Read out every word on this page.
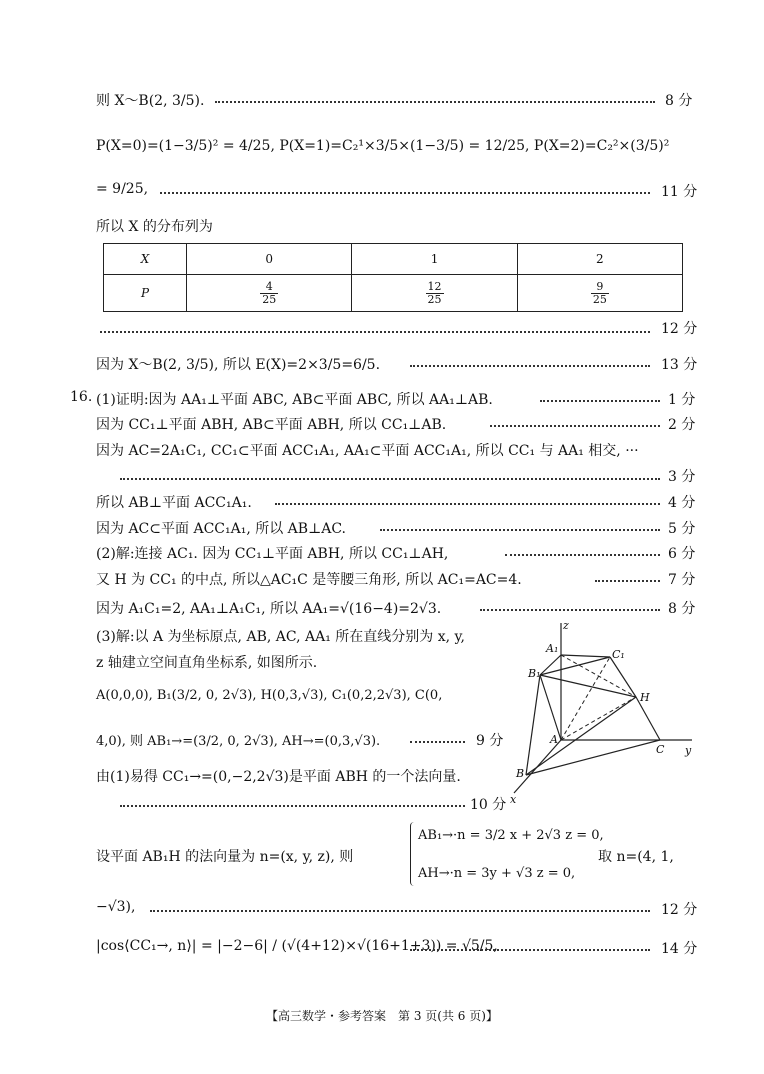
则 X～B(2, 3/5).	8 分
P(X=0)=(1−3/5)² = 4/25, P(X=1)=C₂¹×3/5×(1−3/5) = 12/25, P(X=2)=C₂²×(3/5)²
= 9/25,	11 分
所以 X 的分布列为
X	0	1	2
P	$\frac{4}{25}$	$\frac{12}{25}$	$\frac{9}{25}$
12 分
因为 X～B(2, 3/5), 所以 E(X)=2×3/5=6/5.	13 分
16. (1)证明:因为 AA₁⊥平面 ABC, AB⊂平面 ABC, 所以 AA₁⊥AB.	1 分
因为 CC₁⊥平面 ABH, AB⊂平面 ABH, 所以 CC₁⊥AB.	2 分
因为 AC=2A₁C₁, CC₁⊂平面 ACC₁A₁, AA₁⊂平面 ACC₁A₁, 所以 CC₁ 与 AA₁ 相交, ···
3 分
所以 AB⊥平面 ACC₁A₁.	4 分
因为 AC⊂平面 ACC₁A₁, 所以 AB⊥AC.	5 分
(2)解:连接 AC₁. 因为 CC₁⊥平面 ABH, 所以 CC₁⊥AH,	6 分
又 H 为 CC₁ 的中点, 所以△AC₁C 是等腰三角形, 所以 AC₁=AC=4.	7 分
因为 A₁C₁=2, AA₁⊥A₁C₁, 所以 AA₁=√(16−4)=2√3.	8 分
(3)解:以 A 为坐标原点, AB, AC, AA₁ 所在直线分别为 x, y,
z 轴建立空间直角坐标系, 如图所示.
A(0,0,0), B₁(3/2, 0, 2√3), H(0,3,√3), C₁(0,2,2√3), C(0,
4,0), 则 AB₁→=(3/2, 0, 2√3), AH→=(0,3,√3).	9 分
由(1)易得 CC₁→=(0,−2,2√3)是平面 ABH 的一个法向量.
10 分
设平面 AB₁H 的法向量为 n=(x, y, z), 则
AB₁→·n = 3/2 x + 2√3 z = 0,
AH→·n = 3y + √3 z = 0,
取 n=(4, 1,
−√3),	12 分
|cos⟨CC₁→, n⟩| = |−2−6| / (√(4+12)×√(16+1+3)) = √5/5,	14 分
z
y
x
A₁	C₁
B₁
H
A
C
B
【高三数学・参考答案　第 3 页(共 6 页)】
